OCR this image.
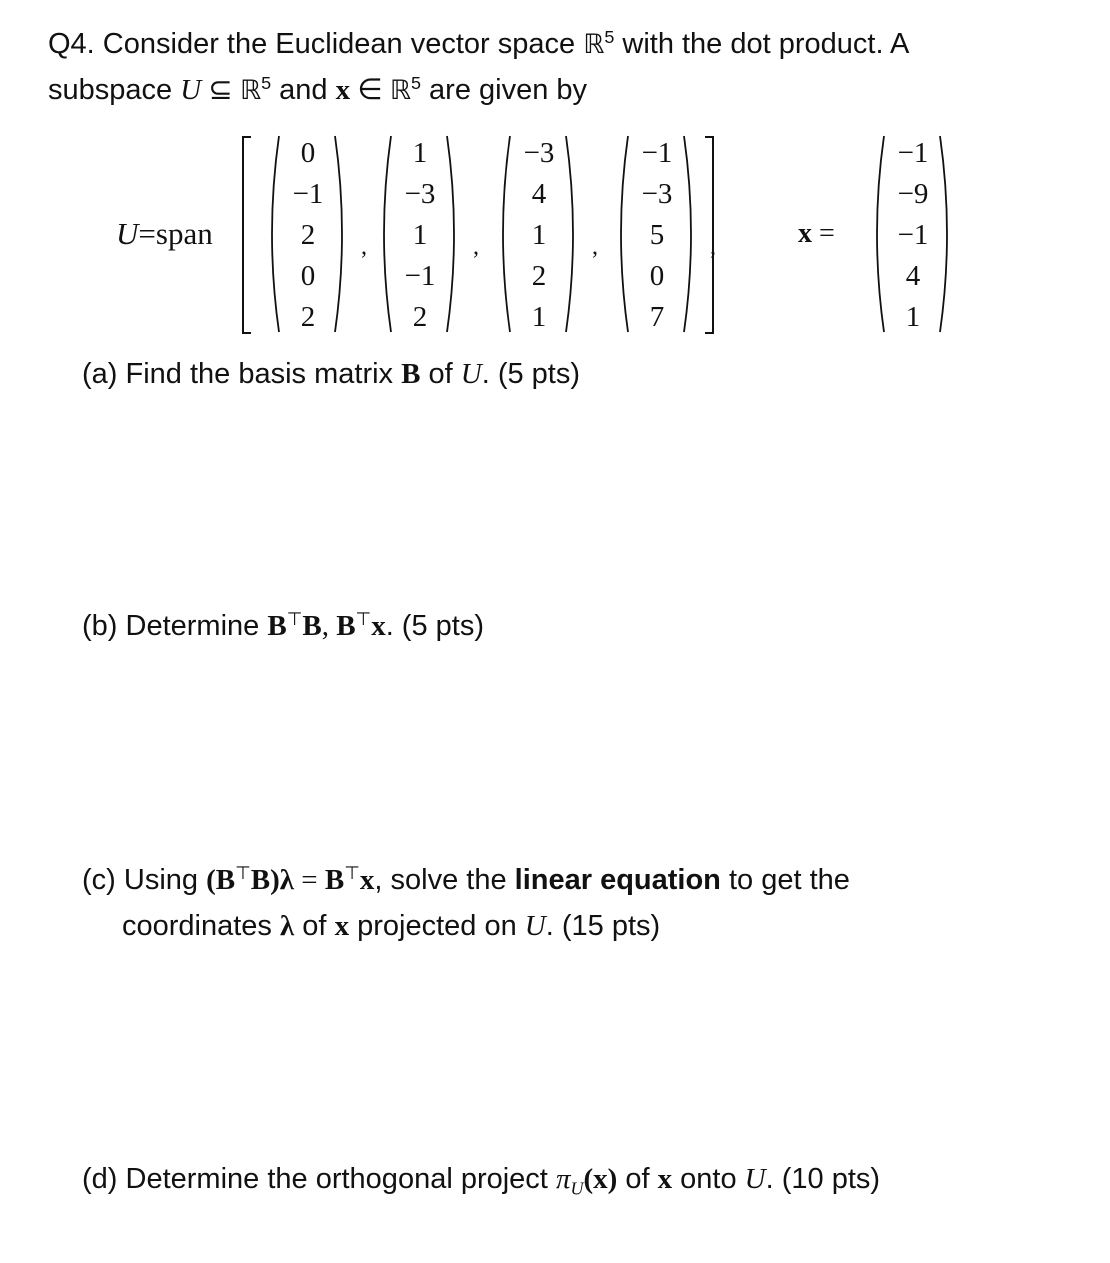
Q4. Consider the Euclidean vector space ℝ$^5$ with the dot product. A
subspace U ⊆ ℝ$^5$ and x ∈ ℝ$^5$ are given by
U=span	x =
0
−1
2
0
2
,
1
−3
1
−1
2
,
−3
4
1
2
1
,
−1
−3
5
0
7
,
−1
−9
−1
4
1
(a) Find the basis matrix B of U. (5 pts)
(b) Determine B⊤B, B⊤x. (5 pts)
(c) Using (B⊤B)λ = B⊤x, solve the linear equation to get the
coordinates λ of x projected on U. (15 pts)
(d) Determine the orthogonal project $\pi_U(x)$ of x onto U. (10 pts)
